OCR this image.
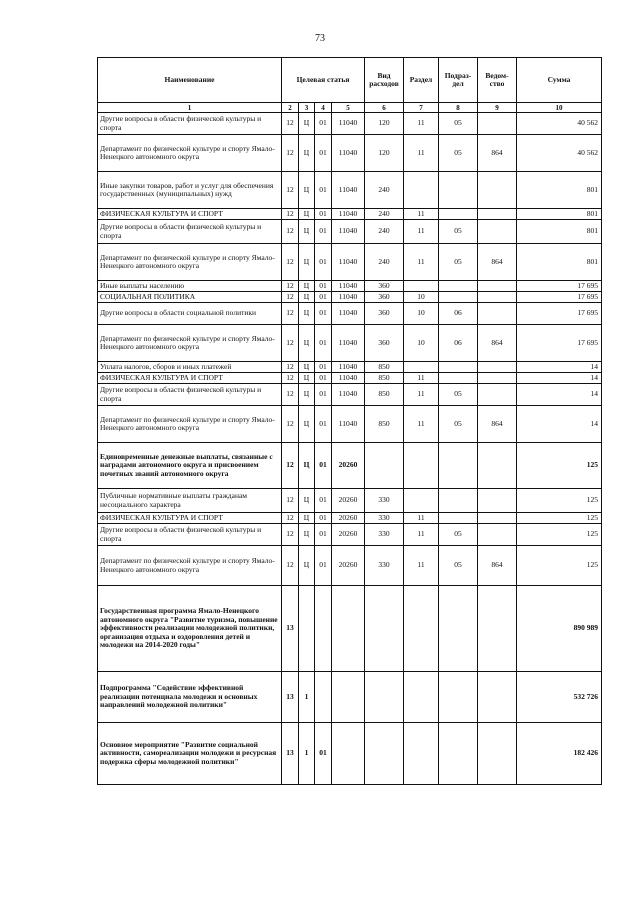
73
Наименование	Целевая статья				Вид расходов	Раздел	Подраз-дел	Ведом-ство	Сумма
1	2	3	4	5	6	7	8	9	10
Другие вопросы в области физической культуры и спорта	12	Ц	01	11040	120	11	05		40 562
Департамент по физической культуре и спорту Ямало-Ненецкого автономного округа	12	Ц	01	11040	120	11	05	864	40 562
Иные закупки товаров, работ и услуг для обеспечения государственных (муниципальных) нужд	12	Ц	01	11040	240				801
ФИЗИЧЕСКАЯ КУЛЬТУРА И СПОРТ	12	Ц	01	11040	240	11			801
Другие вопросы в области физической культуры и спорта	12	Ц	01	11040	240	11	05		801
Департамент по физической культуре и спорту Ямало-Ненецкого автономного округа	12	Ц	01	11040	240	11	05	864	801
Иные выплаты населению	12	Ц	01	11040	360				17 695
СОЦИАЛЬНАЯ ПОЛИТИКА	12	Ц	01	11040	360	10			17 695
Другие вопросы в области социальной политики	12	Ц	01	11040	360	10	06		17 695
Департамент по физической культуре и спорту Ямало-Ненецкого автономного округа	12	Ц	01	11040	360	10	06	864	17 695
Уплата налогов, сборов и иных платежей	12	Ц	01	11040	850				14
ФИЗИЧЕСКАЯ КУЛЬТУРА И СПОРТ	12	Ц	01	11040	850	11			14
Другие вопросы в области физической культуры и спорта	12	Ц	01	11040	850	11	05		14
Департамент по физической культуре и спорту Ямало-Ненецкого автономного округа	12	Ц	01	11040	850	11	05	864	14
Единовременные денежные выплаты, связанные с наградами автономного округа и присвоением почетных званий автономного округа	12	Ц	01	20260					125
Публичные нормативные выплаты гражданам несоциального характера	12	Ц	01	20260	330				125
ФИЗИЧЕСКАЯ КУЛЬТУРА И СПОРТ	12	Ц	01	20260	330	11			125
Другие вопросы в области физической культуры и спорта	12	Ц	01	20260	330	11	05		125
Департамент по физической культуре и спорту Ямало-Ненецкого автономного округа	12	Ц	01	20260	330	11	05	864	125
Государственная программа Ямало-Ненецкого автономного округа "Развитие туризма, повышение эффективности реализации молодежной политики, организация отдыха и оздоровления детей и молодежи на 2014-2020 годы"	13								890 989
Подпрограмма "Содействие эффективной реализации потенциала молодежи и основных направлений молодежной политики"	13	1							532 726
Основное мероприятие "Развитие социальной активности, самореализации молодежи и ресурсная подержка сферы молодежной политики"	13	1	01						182 426
